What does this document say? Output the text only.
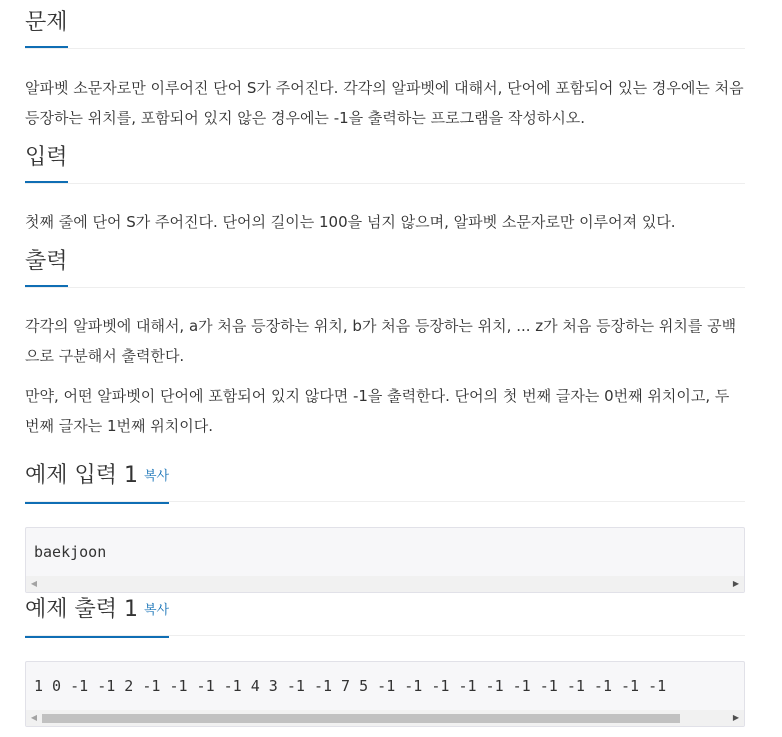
문제

알파벳 소문자로만 이루어진 단어 S가 주어진다. 각각의 알파벳에 대해서, 단어에 포함되어 있는 경우에는 처음

등장하는 위치를, 포함되어 있지 않은 경우에는 -1을 출력하는 프로그램을 작성하시오.

입력

첫째 줄에 단어 S가 주어진다. 단어의 길이는 100을 넘지 않으며, 알파벳 소문자로만 이루어져 있다.

출력

각각의 알파벳에 대해서, a가 처음 등장하는 위치, b가 처음 등장하는 위치, ... z가 처음 등장하는 위치를 공백

으로 구분해서 출력한다.

만약, 어떤 알파벳이 단어에 포함되어 있지 않다면 -1을 출력한다. 단어의 첫 번째 글자는 0번째 위치이고, 두

번째 글자는 1번째 위치이다.

예제 입력 1 복사
baekjoon
◀	▶
예제 출력 1 복사
1 0 -1 -1 2 -1 -1 -1 -1 4 3 -1 -1 7 5 -1 -1 -1 -1 -1 -1 -1 -1 -1 -1 -1
◀	▶
